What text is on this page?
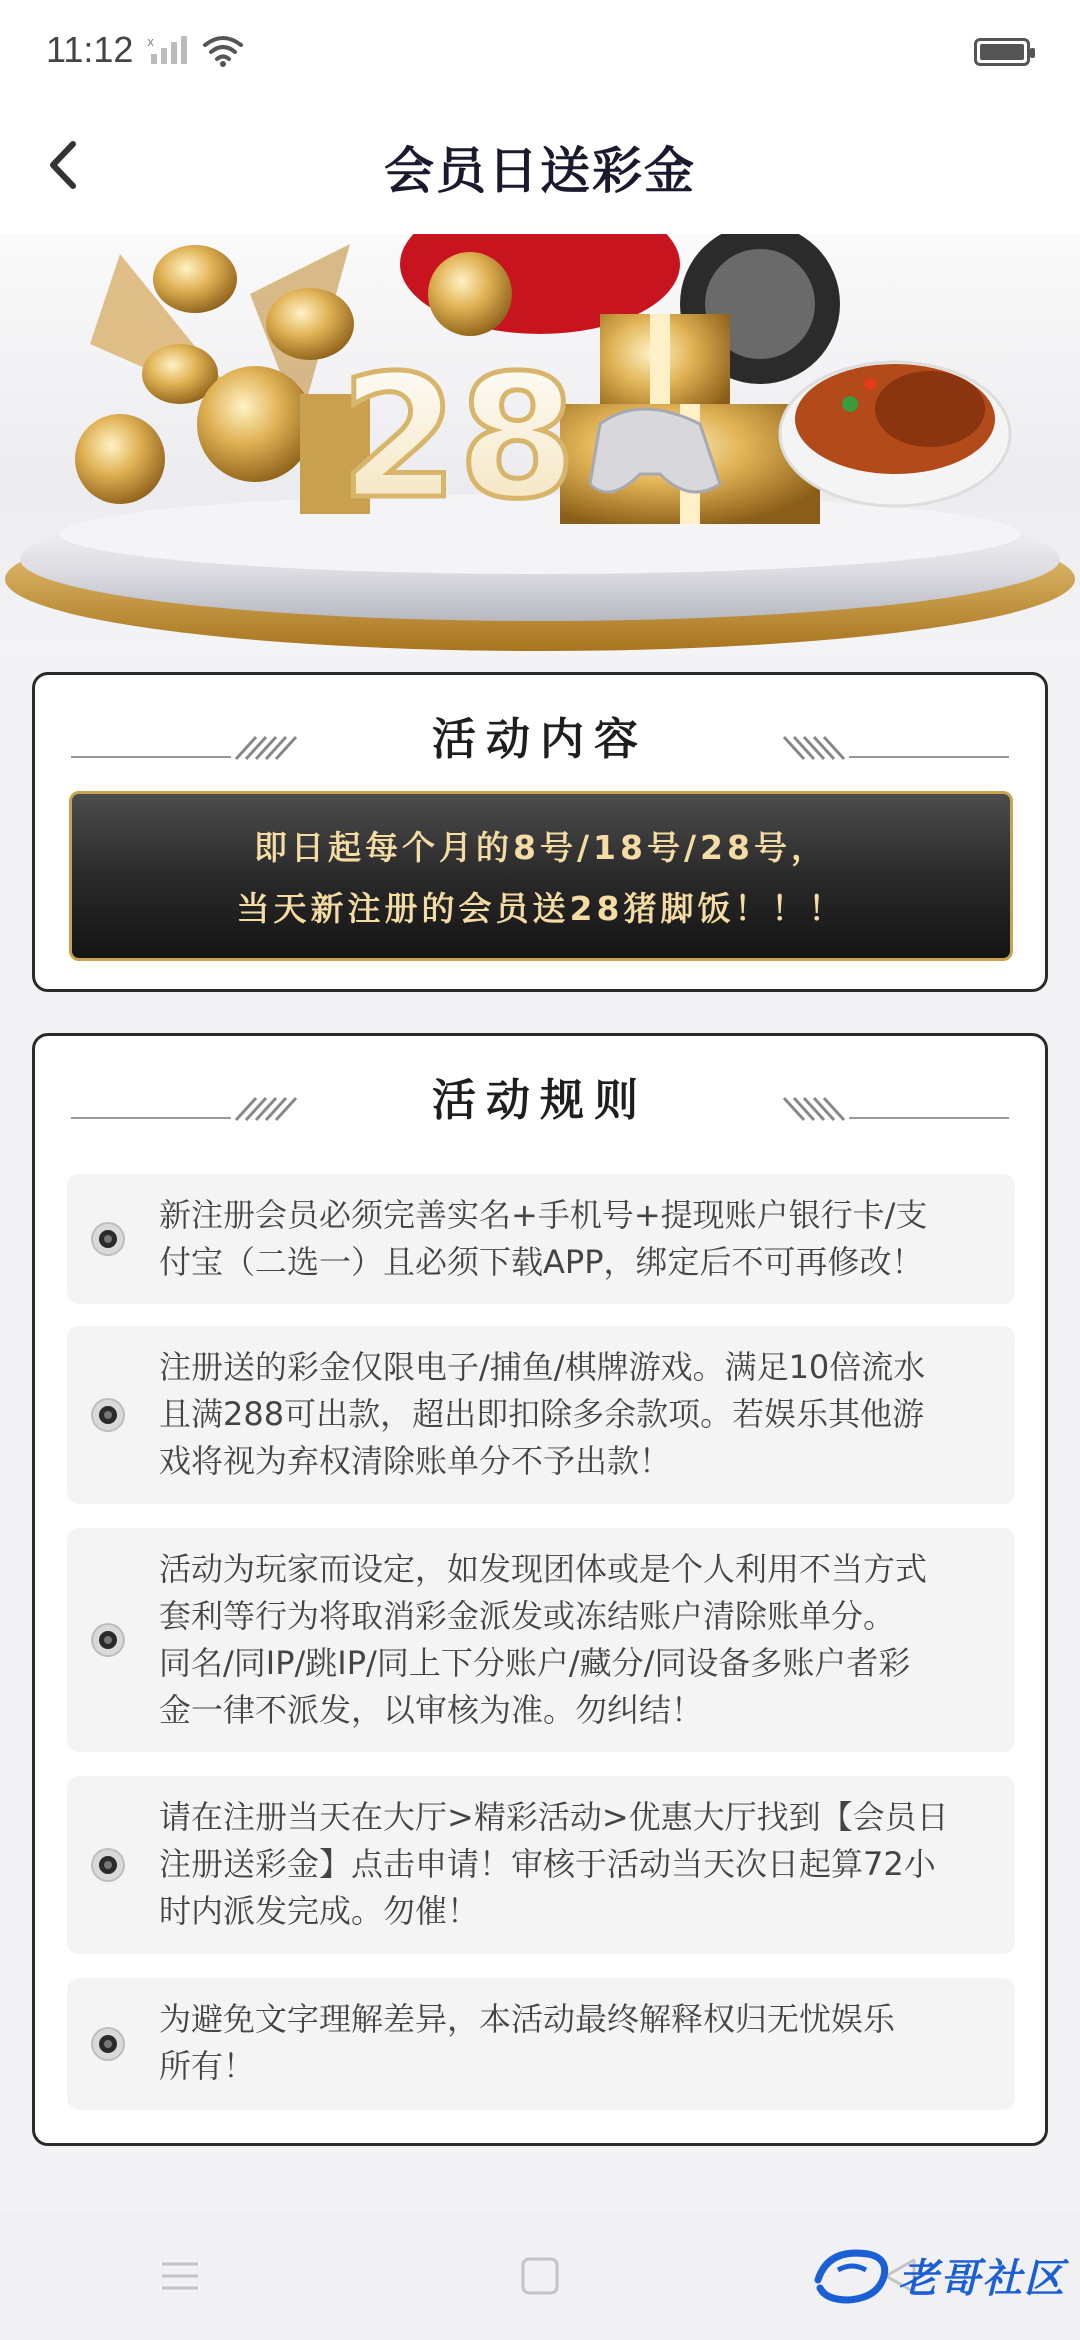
11:12 x
会员日送彩金
28
活动内容
即日起每个月的8号/18号/28号，
当天新注册的会员送28猪脚饭！！！
活动规则
新注册会员必须完善实名+手机号+提现账户银行卡/支
付宝（二选一）且必须下载APP，绑定后不可再修改！
注册送的彩金仅限电子/捕鱼/棋牌游戏。满足10倍流水
且满288可出款，超出即扣除多余款项。若娱乐其他游
戏将视为弃权清除账单分不予出款！
活动为玩家而设定，如发现团体或是个人利用不当方式
套利等行为将取消彩金派发或冻结账户清除账单分。
同名/同IP/跳IP/同上下分账户/藏分/同设备多账户者彩
金一律不派发，以审核为准。勿纠结！
请在注册当天在大厅>精彩活动>优惠大厅找到【会员日
注册送彩金】点击申请！审核于活动当天次日起算72小
时内派发完成。勿催！
为避免文字理解差异，本活动最终解释权归无忧娱乐
所有！
老哥社区
